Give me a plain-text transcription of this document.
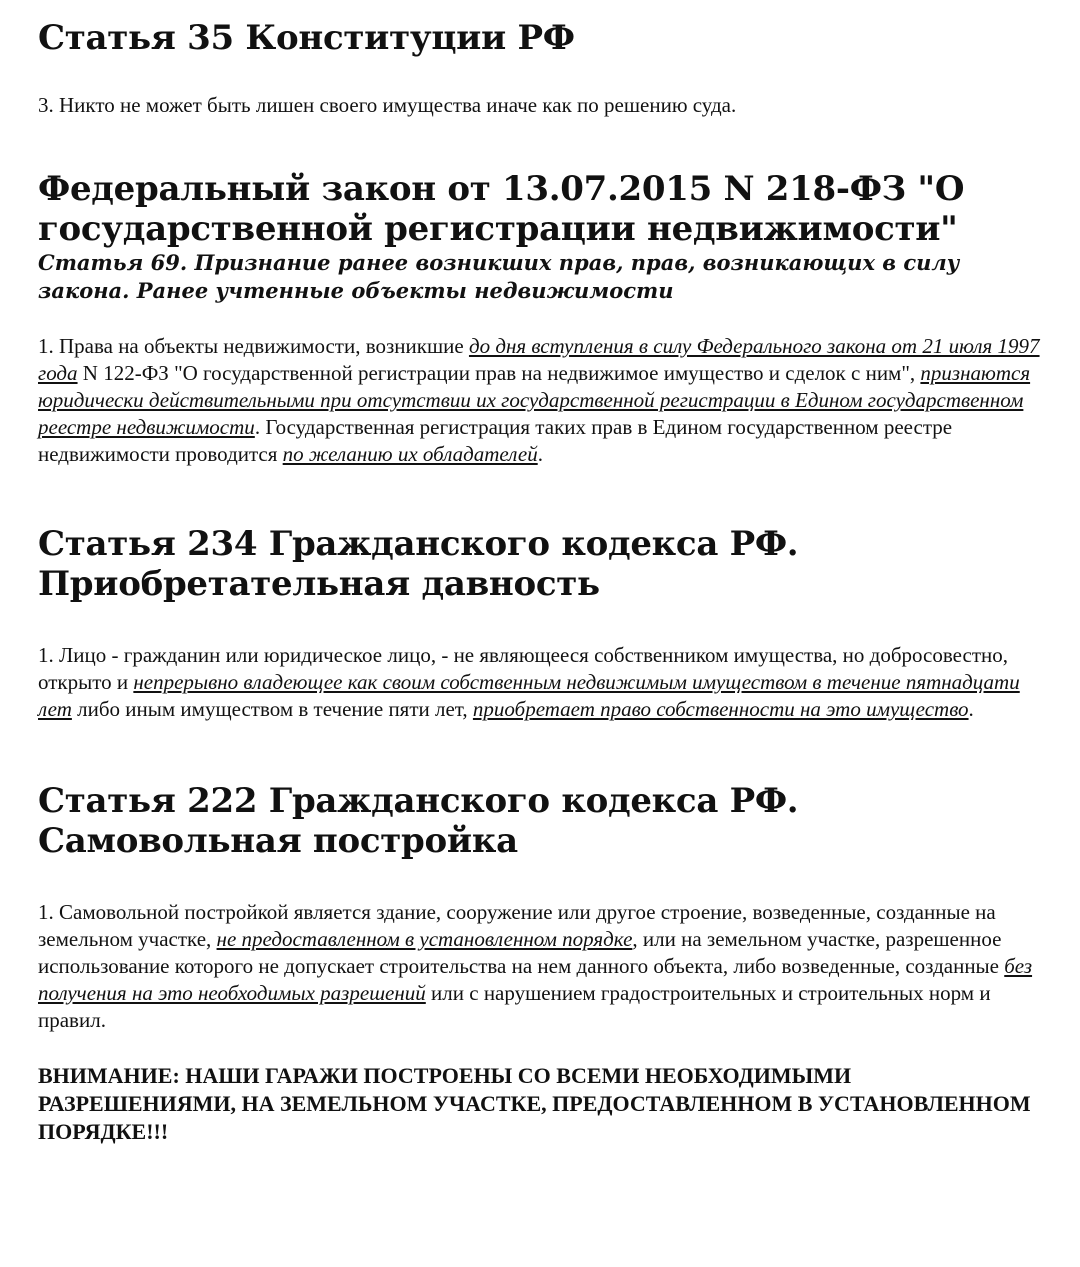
Статья 35 Конституции РФ

3. Никто не может быть лишен своего имущества иначе как по решению суда.

Федеральный закон от 13.07.2015 N 218-ФЗ "О государственной регистрации недвижимости"
Статья 69. Признание ранее возникших прав, прав, возникающих в силу закона. Ранее учтенные объекты недвижимости

1. Права на объекты недвижимости, возникшие до дня вступления в силу Федерального закона от 21 июля 1997 года N 122-ФЗ "О государственной регистрации прав на недвижимое имущество и сделок с ним", признаются юридически действительными при отсутствии их государственной регистрации в Едином государственном реестре недвижимости. Государственная регистрация таких прав в Едином государственном реестре недвижимости проводится по желанию их обладателей.

Статья 234 Гражданского кодекса РФ. Приобретательная давность

1. Лицо - гражданин или юридическое лицо, - не являющееся собственником имущества, но добросовестно, открыто и непрерывно владеющее как своим собственным недвижимым имуществом в течение пятнадцати лет либо иным имуществом в течение пяти лет, приобретает право собственности на это имущество.

Статья 222 Гражданского кодекса РФ. Самовольная постройка

1. Самовольной постройкой является здание, сооружение или другое строение, возведенные, созданные на земельном участке, не предоставленном в установленном порядке, или на земельном участке, разрешенное использование которого не допускает строительства на нем данного объекта, либо возведенные, созданные без получения на это необходимых разрешений или с нарушением градостроительных и строительных норм и правил.

ВНИМАНИЕ: НАШИ ГАРАЖИ ПОСТРОЕНЫ СО ВСЕМИ НЕОБХОДИМЫМИ РАЗРЕШЕНИЯМИ, НА ЗЕМЕЛЬНОМ УЧАСТКЕ, ПРЕДОСТАВЛЕННОМ В УСТАНОВЛЕННОМ ПОРЯДКЕ!!!
